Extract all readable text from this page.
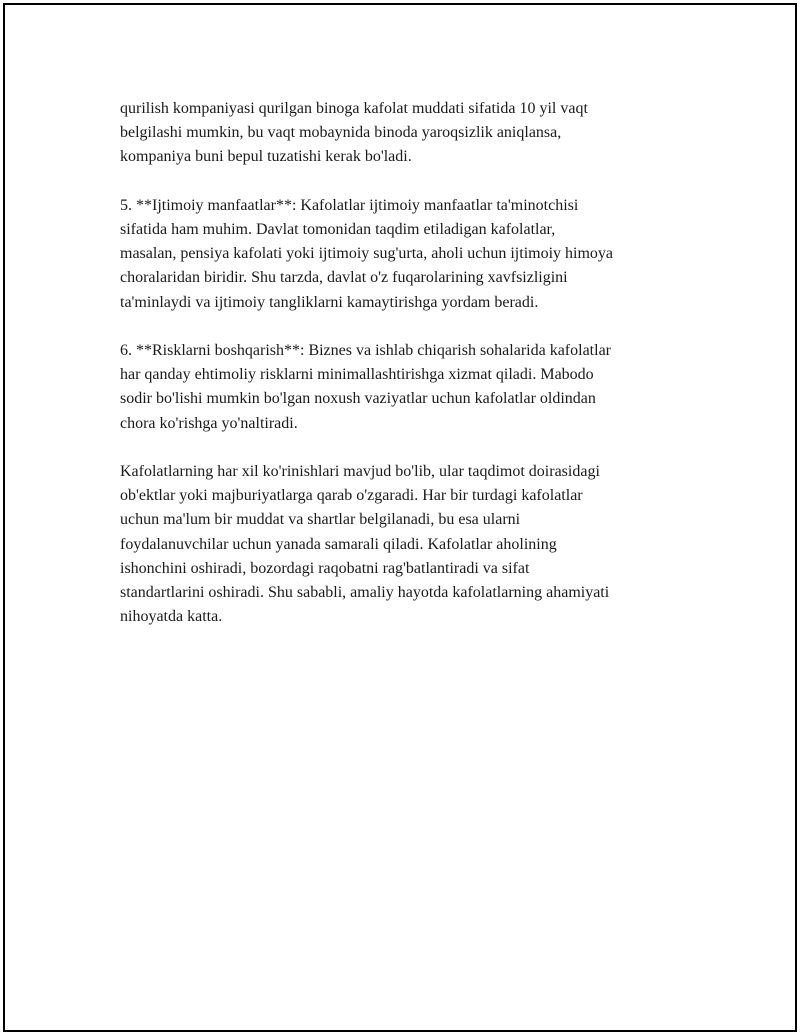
qurilish kompaniyasi qurilgan binoga kafolat muddati sifatida 10 yil vaqt
belgilashi mumkin, bu vaqt mobaynida binoda yaroqsizlik aniqlansa,
kompaniya buni bepul tuzatishi kerak bo'ladi.

5. **Ijtimoiy manfaatlar**: Kafolatlar ijtimoiy manfaatlar ta'minotchisi
sifatida ham muhim. Davlat tomonidan taqdim etiladigan kafolatlar,
masalan, pensiya kafolati yoki ijtimoiy sug'urta, aholi uchun ijtimoiy himoya
choralaridan biridir. Shu tarzda, davlat o'z fuqarolarining xavfsizligini
ta'minlaydi va ijtimoiy tangliklarni kamaytirishga yordam beradi.

6. **Risklarni boshqarish**: Biznes va ishlab chiqarish sohalarida kafolatlar
har qanday ehtimoliy risklarni minimallashtirishga xizmat qiladi. Mabodo
sodir bo'lishi mumkin bo'lgan noxush vaziyatlar uchun kafolatlar oldindan
chora ko'rishga yo'naltiradi.

Kafolatlarning har xil ko'rinishlari mavjud bo'lib, ular taqdimot doirasidagi
ob'ektlar yoki majburiyatlarga qarab o'zgaradi. Har bir turdagi kafolatlar
uchun ma'lum bir muddat va shartlar belgilanadi, bu esa ularni
foydalanuvchilar uchun yanada samarali qiladi. Kafolatlar aholining
ishonchini oshiradi, bozordagi raqobatni rag'batlantiradi va sifat
standartlarini oshiradi. Shu sababli, amaliy hayotda kafolatlarning ahamiyati
nihoyatda katta.
